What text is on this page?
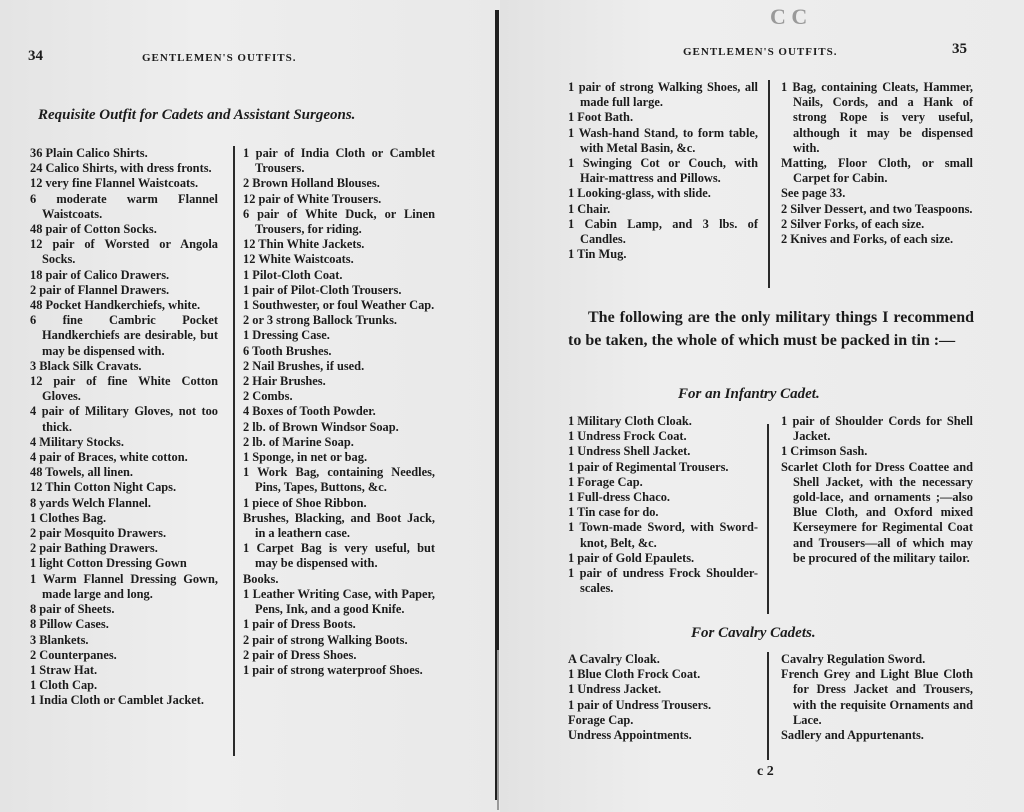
34	GENTLEMEN'S OUTFITS.
Requisite Outfit for Cadets and Assistant Surgeons.
36 Plain Calico Shirts.
24 Calico Shirts, with dress fronts.
12 very fine Flannel Waistcoats.
6 moderate warm Flannel Waistcoats.
48 pair of Cotton Socks.
12 pair of Worsted or Angola Socks.
18 pair of Calico Drawers.
2 pair of Flannel Drawers.
48 Pocket Handkerchiefs, white.
6 fine Cambric Pocket Handkerchiefs are desirable, but may be dispensed with.
3 Black Silk Cravats.
12 pair of fine White Cotton Gloves.
4 pair of Military Gloves, not too thick.
4 Military Stocks.
4 pair of Braces, white cotton.
48 Towels, all linen.
12 Thin Cotton Night Caps.
8 yards Welch Flannel.
1 Clothes Bag.
2 pair Mosquito Drawers.
2 pair Bathing Drawers.
1 light Cotton Dressing Gown
1 Warm Flannel Dressing Gown, made large and long.
8 pair of Sheets.
8 Pillow Cases.
3 Blankets.
2 Counterpanes.
1 Straw Hat.
1 Cloth Cap.
1 India Cloth or Camblet Jacket.
1 pair of India Cloth or Camblet Trousers.
2 Brown Holland Blouses.
12 pair of White Trousers.
6 pair of White Duck, or Linen Trousers, for riding.
12 Thin White Jackets.
12 White Waistcoats.
1 Pilot-Cloth Coat.
1 pair of Pilot-Cloth Trousers.
1 Southwester, or foul Weather Cap.
2 or 3 strong Ballock Trunks.
1 Dressing Case.
6 Tooth Brushes.
2 Nail Brushes, if used.
2 Hair Brushes.
2 Combs.
4 Boxes of Tooth Powder.
2 lb. of Brown Windsor Soap.
2 lb. of Marine Soap.
1 Sponge, in net or bag.
1 Work Bag, containing Needles, Pins, Tapes, Buttons, &c.
1 piece of Shoe Ribbon.
Brushes, Blacking, and Boot Jack, in a leathern case.
1 Carpet Bag is very useful, but may be dispensed with.
Books.
1 Leather Writing Case, with Paper, Pens, Ink, and a good Knife.
1 pair of Dress Boots.
2 pair of strong Walking Boots.
2 pair of Dress Shoes.
1 pair of strong waterproof Shoes.
C C
GENTLEMEN'S OUTFITS.	35
1 pair of strong Walking Shoes, all made full large.
1 Foot Bath.
1 Wash-hand Stand, to form table, with Metal Basin, &c.
1 Swinging Cot or Couch, with Hair-mattress and Pillows.
1 Looking-glass, with slide.
1 Chair.
1 Cabin Lamp, and 3 lbs. of Candles.
1 Tin Mug.
1 Bag, containing Cleats, Hammer, Nails, Cords, and a Hank of strong Rope is very useful, although it may be dispensed with.
Matting, Floor Cloth, or small Carpet for Cabin.
See page 33.
2 Silver Dessert, and two Teaspoons.
2 Silver Forks, of each size.
2 Knives and Forks, of each size.
The following are the only military things I recommend to be taken, the whole of which must be packed in tin :—
For an Infantry Cadet.
1 Military Cloth Cloak.
1 Undress Frock Coat.
1 Undress Shell Jacket.
1 pair of Regimental Trousers.
1 Forage Cap.
1 Full-dress Chaco.
1 Tin case for do.
1 Town-made Sword, with Sword-knot, Belt, &c.
1 pair of Gold Epaulets.
1 pair of undress Frock Shoulder-scales.
1 pair of Shoulder Cords for Shell Jacket.
1 Crimson Sash.
Scarlet Cloth for Dress Coattee and Shell Jacket, with the necessary gold-lace, and ornaments ;—also Blue Cloth, and Oxford mixed Kerseymere for Regimental Coat and Trousers—all of which may be procured of the military tailor.
For Cavalry Cadets.
A Cavalry Cloak.
1 Blue Cloth Frock Coat.
1 Undress Jacket.
1 pair of Undress Trousers.
Forage Cap.
Undress Appointments.
Cavalry Regulation Sword.
French Grey and Light Blue Cloth for Dress Jacket and Trousers, with the requisite Ornaments and Lace.
Sadlery and Appurtenants.
c 2
